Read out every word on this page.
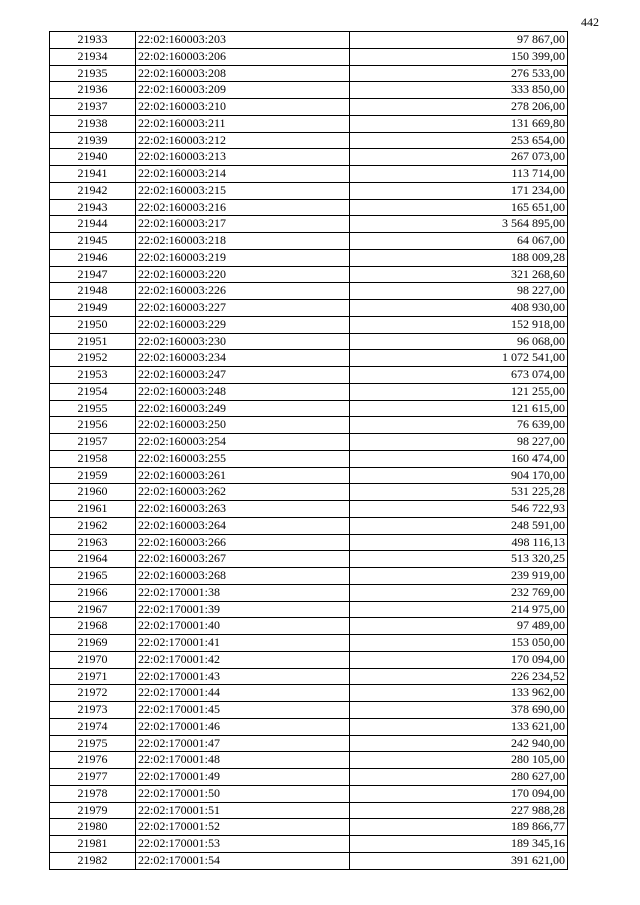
442
21933	22:02:160003:203	97 867,00
21934	22:02:160003:206	150 399,00
21935	22:02:160003:208	276 533,00
21936	22:02:160003:209	333 850,00
21937	22:02:160003:210	278 206,00
21938	22:02:160003:211	131 669,80
21939	22:02:160003:212	253 654,00
21940	22:02:160003:213	267 073,00
21941	22:02:160003:214	113 714,00
21942	22:02:160003:215	171 234,00
21943	22:02:160003:216	165 651,00
21944	22:02:160003:217	3 564 895,00
21945	22:02:160003:218	64 067,00
21946	22:02:160003:219	188 009,28
21947	22:02:160003:220	321 268,60
21948	22:02:160003:226	98 227,00
21949	22:02:160003:227	408 930,00
21950	22:02:160003:229	152 918,00
21951	22:02:160003:230	96 068,00
21952	22:02:160003:234	1 072 541,00
21953	22:02:160003:247	673 074,00
21954	22:02:160003:248	121 255,00
21955	22:02:160003:249	121 615,00
21956	22:02:160003:250	76 639,00
21957	22:02:160003:254	98 227,00
21958	22:02:160003:255	160 474,00
21959	22:02:160003:261	904 170,00
21960	22:02:160003:262	531 225,28
21961	22:02:160003:263	546 722,93
21962	22:02:160003:264	248 591,00
21963	22:02:160003:266	498 116,13
21964	22:02:160003:267	513 320,25
21965	22:02:160003:268	239 919,00
21966	22:02:170001:38	232 769,00
21967	22:02:170001:39	214 975,00
21968	22:02:170001:40	97 489,00
21969	22:02:170001:41	153 050,00
21970	22:02:170001:42	170 094,00
21971	22:02:170001:43	226 234,52
21972	22:02:170001:44	133 962,00
21973	22:02:170001:45	378 690,00
21974	22:02:170001:46	133 621,00
21975	22:02:170001:47	242 940,00
21976	22:02:170001:48	280 105,00
21977	22:02:170001:49	280 627,00
21978	22:02:170001:50	170 094,00
21979	22:02:170001:51	227 988,28
21980	22:02:170001:52	189 866,77
21981	22:02:170001:53	189 345,16
21982	22:02:170001:54	391 621,00
